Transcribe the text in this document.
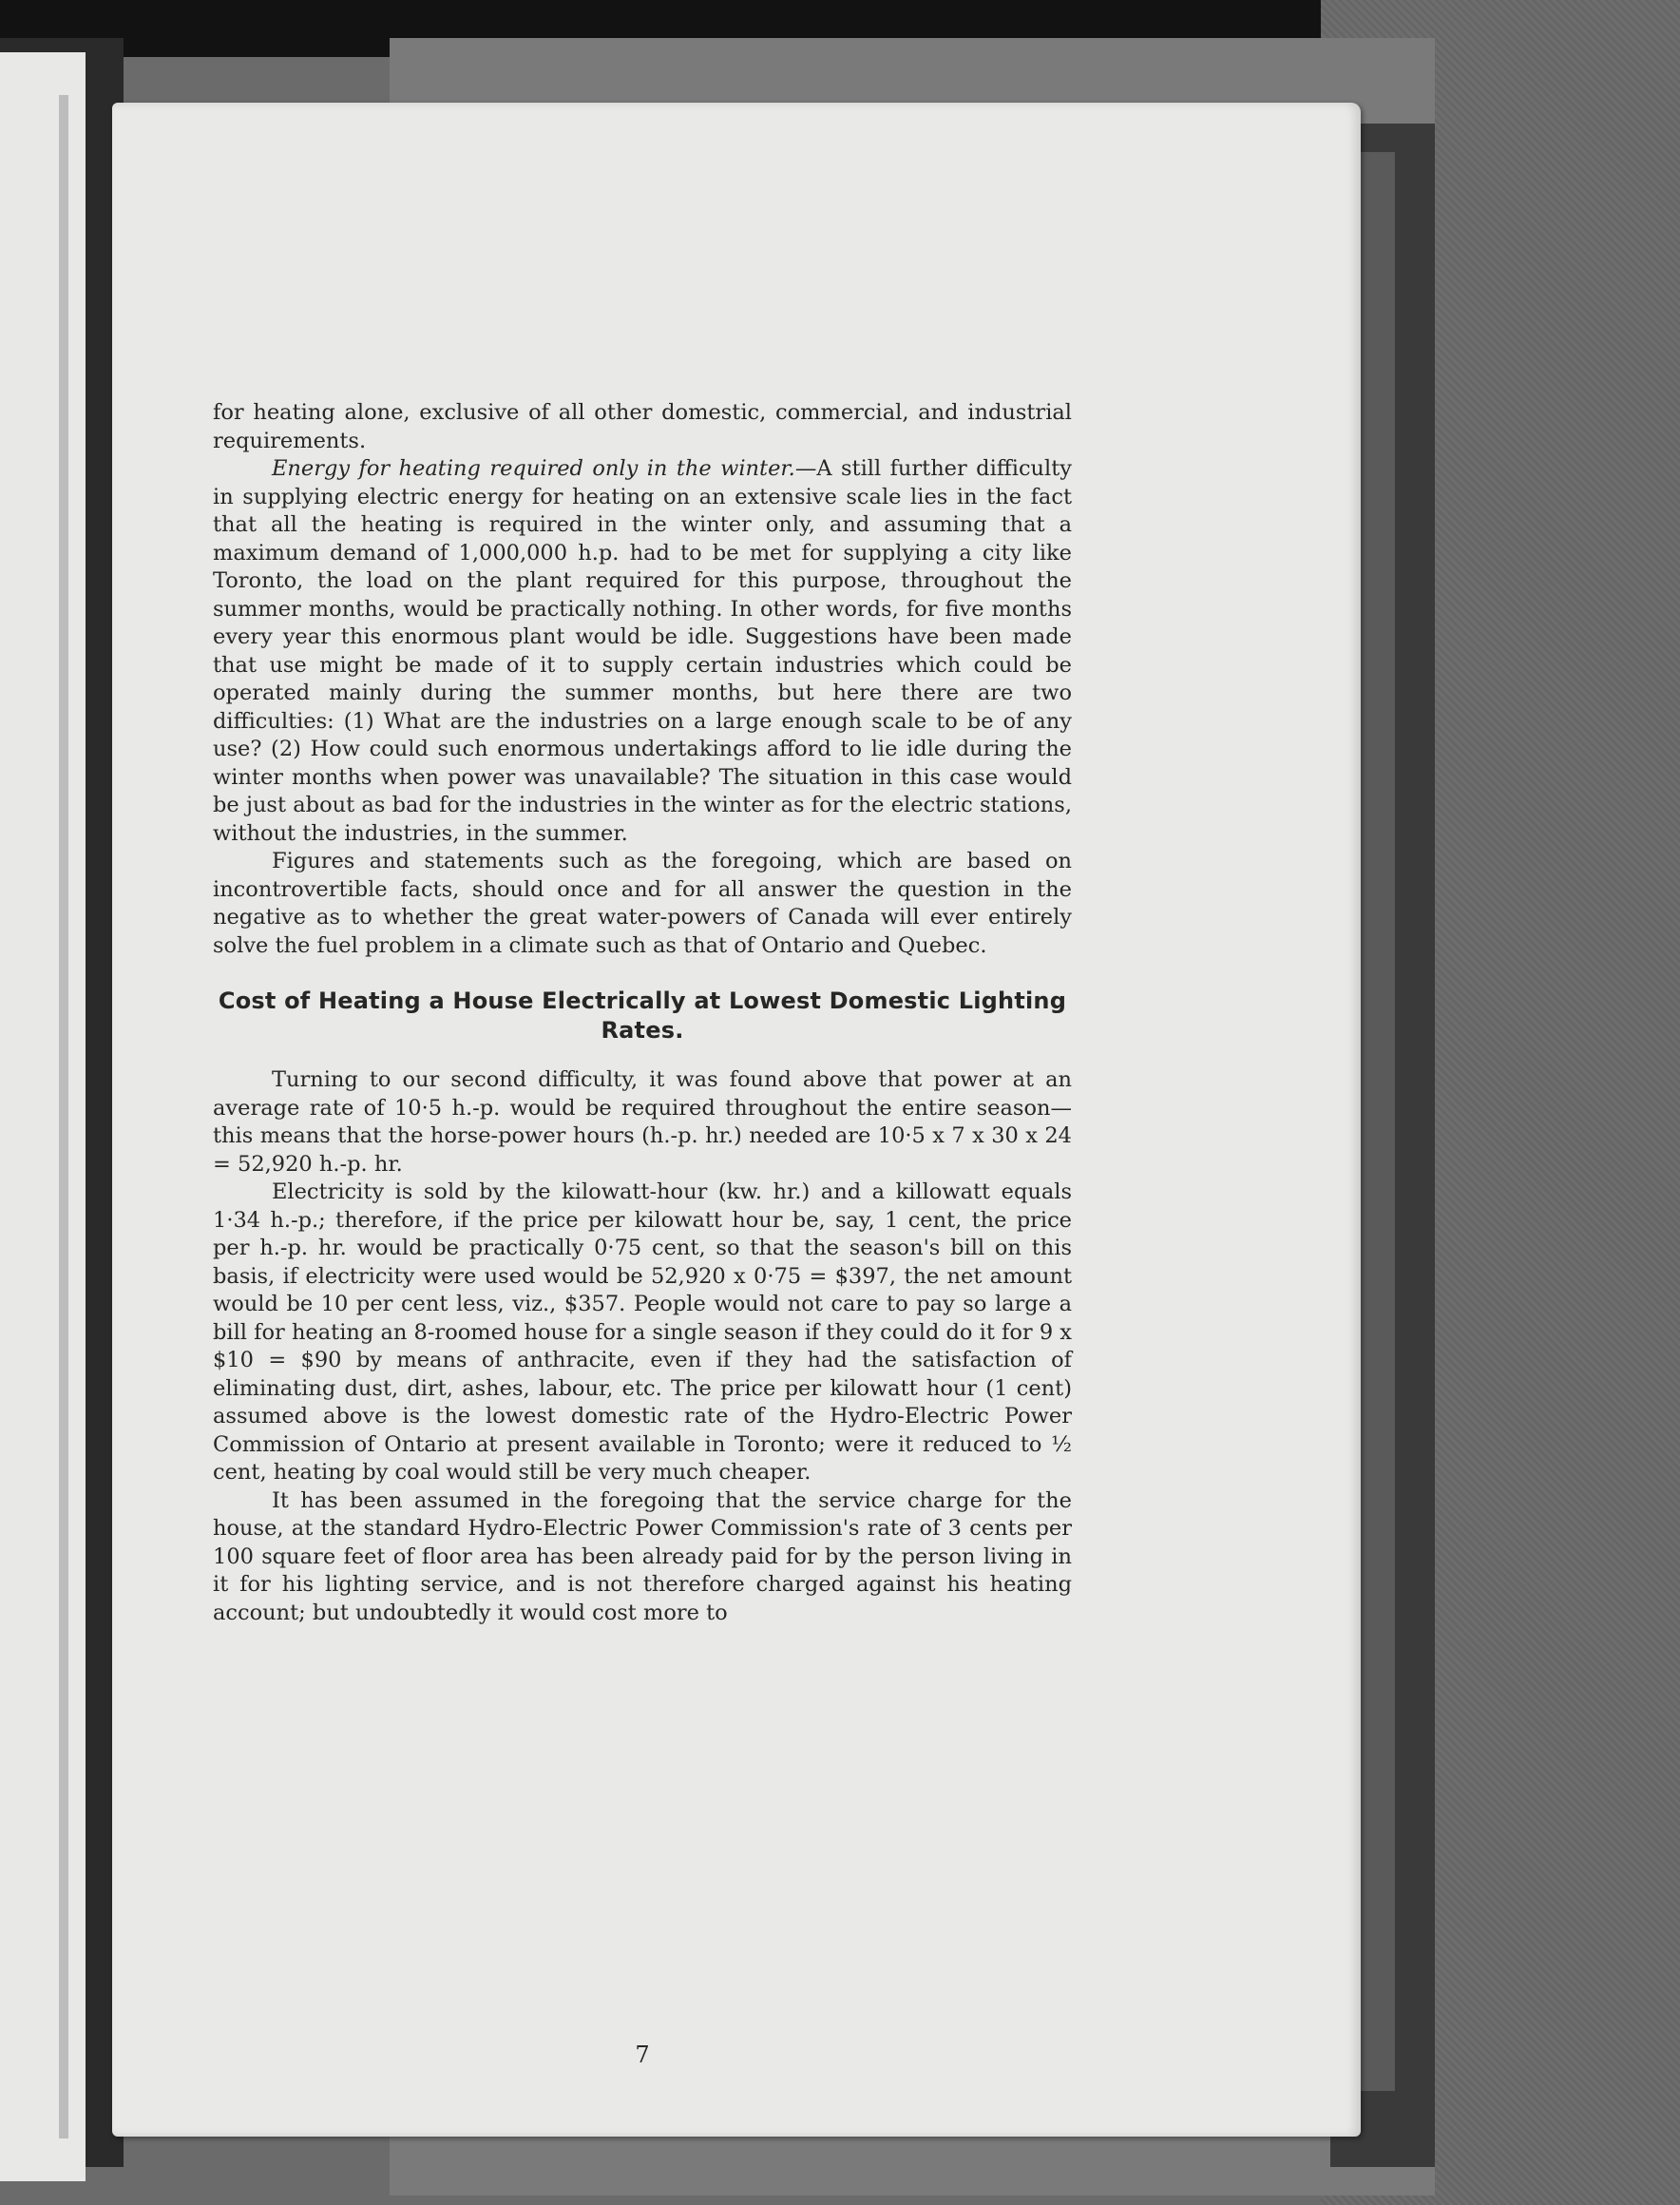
for heating alone, exclusive of all other domestic, commercial, and industrial requirements.

Energy for heating required only in the winter.—A still further difficulty in supplying electric energy for heating on an extensive scale lies in the fact that all the heating is required in the winter only, and assuming that a maximum demand of 1,000,000 h.p. had to be met for supplying a city like Toronto, the load on the plant required for this purpose, throughout the summer months, would be practically nothing. In other words, for five months every year this enormous plant would be idle. Suggestions have been made that use might be made of it to supply certain industries which could be operated mainly during the summer months, but here there are two difficulties: (1) What are the industries on a large enough scale to be of any use? (2) How could such enormous undertakings afford to lie idle during the winter months when power was unavailable? The situation in this case would be just about as bad for the industries in the winter as for the electric stations, without the industries, in the summer.

Figures and statements such as the foregoing, which are based on incontrovertible facts, should once and for all answer the question in the negative as to whether the great water-powers of Canada will ever entirely solve the fuel problem in a climate such as that of Ontario and Quebec.

Cost of Heating a House Electrically at Lowest Domestic Lighting Rates.

Turning to our second difficulty, it was found above that power at an average rate of 10·5 h.-p. would be required throughout the entire season—this means that the horse-power hours (h.-p. hr.) needed are 10·5 x 7 x 30 x 24 = 52,920 h.-p. hr.

Electricity is sold by the kilowatt-hour (kw. hr.) and a killowatt equals 1·34 h.-p.; therefore, if the price per kilowatt hour be, say, 1 cent, the price per h.-p. hr. would be practically 0·75 cent, so that the season's bill on this basis, if electricity were used would be 52,920 x 0·75 = $397, the net amount would be 10 per cent less, viz., $357. People would not care to pay so large a bill for heating an 8-roomed house for a single season if they could do it for 9 x $10 = $90 by means of anthracite, even if they had the satisfaction of eliminating dust, dirt, ashes, labour, etc. The price per kilowatt hour (1 cent) assumed above is the lowest domestic rate of the Hydro-Electric Power Commission of Ontario at present available in Toronto; were it reduced to ½ cent, heating by coal would still be very much cheaper.

It has been assumed in the foregoing that the service charge for the house, at the standard Hydro-Electric Power Commission's rate of 3 cents per 100 square feet of floor area has been already paid for by the person living in it for his lighting service, and is not therefore charged against his heating account; but undoubtedly it would cost more to

7
